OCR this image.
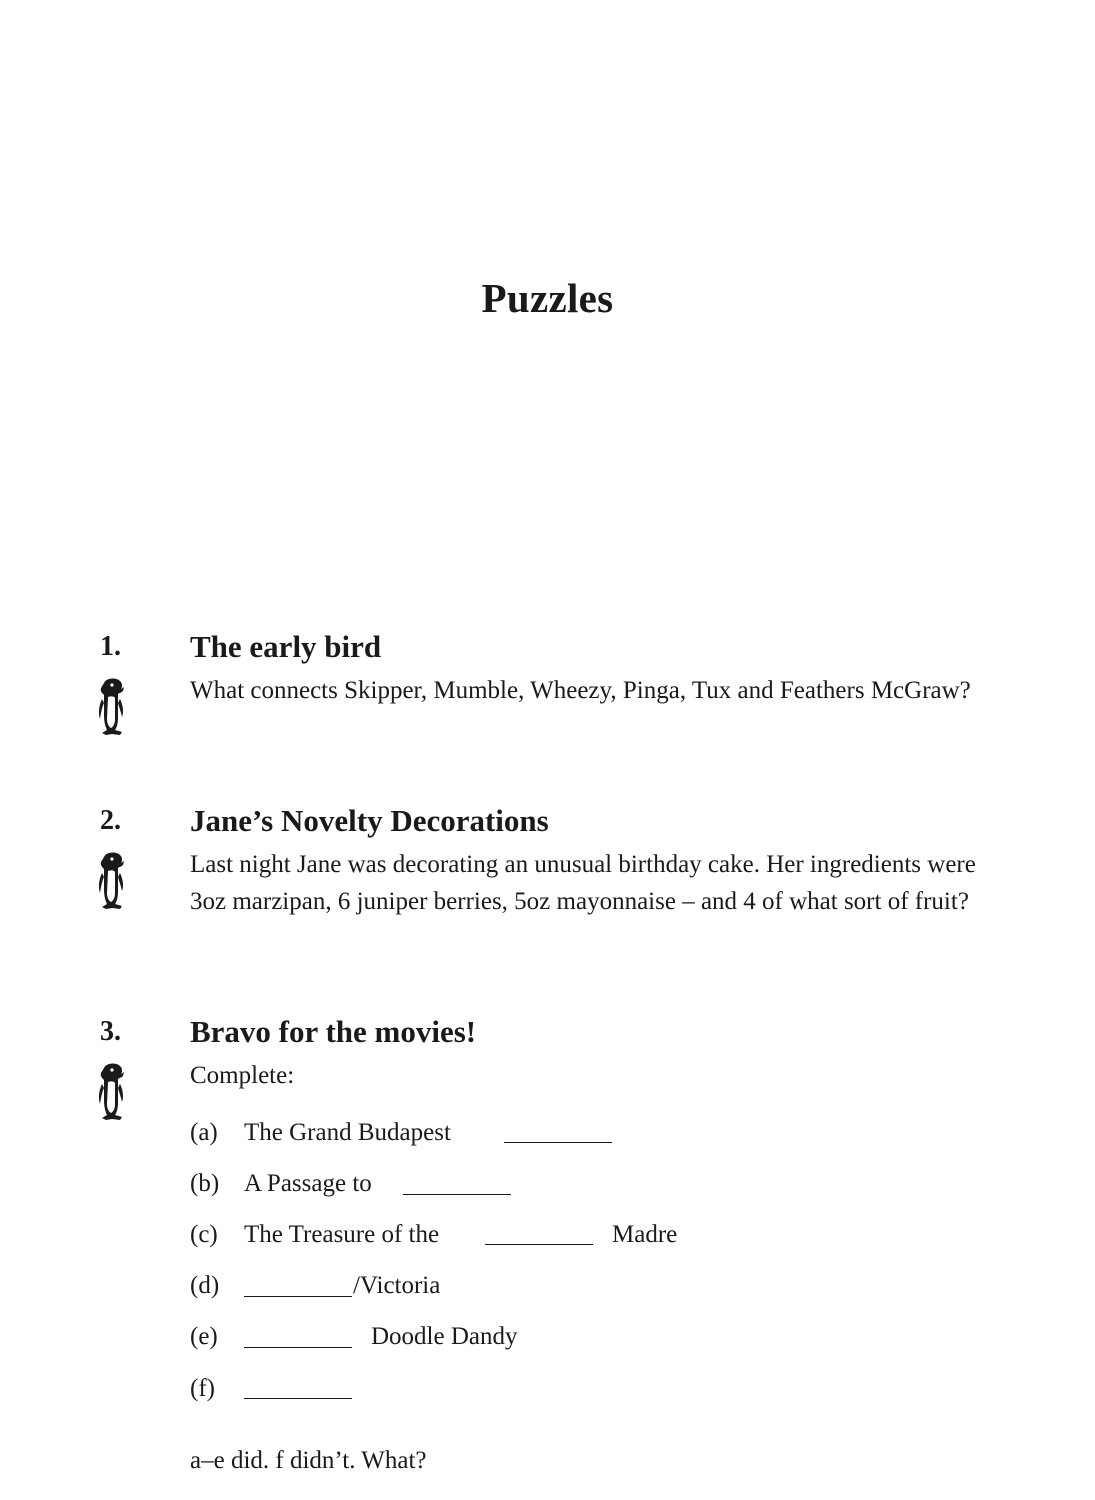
Puzzles
1. The early bird

What connects Skipper, Mumble, Wheezy, Pinga, Tux and Feathers McGraw?

2. Jane’s Novelty Decorations

Last night Jane was decorating an unusual birthday cake. Her ingredients were 3oz marzipan, 6 juniper berries, 5oz mayonnaise – and 4 of what sort of fruit?

3. Bravo for the movies!

Complete:

(a) The Grand Budapest
(b) A Passage to
(c) The Treasure of the	Madre
(d)	/Victoria
(e)	Doodle Dandy
(f)

a–e did. f didn’t. What?
